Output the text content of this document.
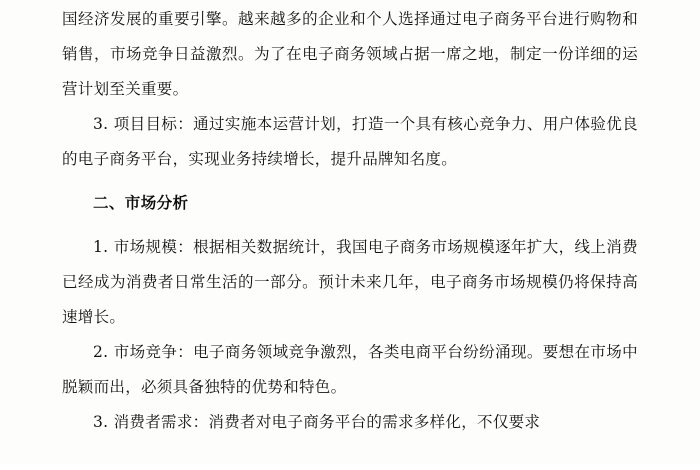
国经济发展的重要引擎。越来越多的企业和个人选择通过电子商务平台进行购物和销售，市场竞争日益激烈。为了在电子商务领域占据一席之地，制定一份详细的运营计划至关重要。

3. 项目目标：通过实施本运营计划，打造一个具有核心竞争力、用户体验优良的电子商务平台，实现业务持续增长，提升品牌知名度。

二、市场分析

1. 市场规模：根据相关数据统计，我国电子商务市场规模逐年扩大，线上消费已经成为消费者日常生活的一部分。预计未来几年，电子商务市场规模仍将保持高速增长。

2. 市场竞争：电子商务领域竞争激烈，各类电商平台纷纷涌现。要想在市场中脱颖而出，必须具备独特的优势和特色。

3. 消费者需求：消费者对电子商务平台的需求多样化，不仅要求
